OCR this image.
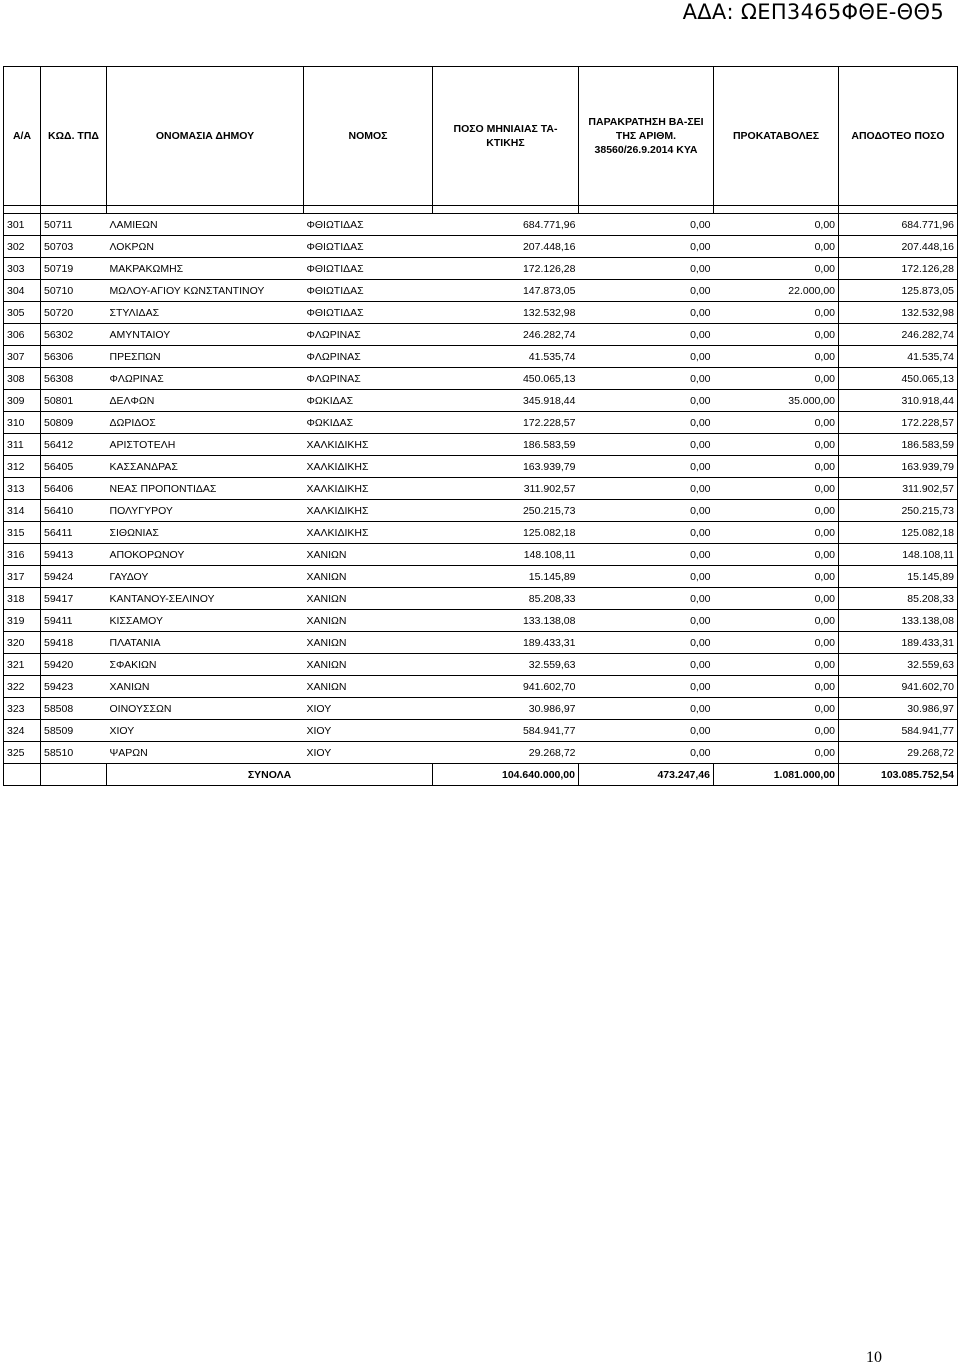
ΑΔΑ: ΩΕΠ3465ΦΘΕ-ΘΘ5
Α/Α	ΚΩΔ. ΤΠΔ	ΟΝΟΜΑΣΙΑ ΔΗΜΟΥ	ΝΟΜΟΣ	ΠΟΣΟ ΜΗΝΙΑΙΑΣ ΤΑ-ΚΤΙΚΗΣ	ΠΑΡΑΚΡΑΤΗΣΗ ΒΑ-ΣΕΙ ΤΗΣ ΑΡΙΘΜ. 38560/26.9.2014 ΚΥΑ	ΠΡΟΚΑΤΑΒΟΛΕΣ	ΑΠΟΔΟΤΕΟ ΠΟΣΟ

301	50711	ΛΑΜΙΕΩΝ	ΦΘΙΩΤΙΔΑΣ	684.771,96	0,00	0,00	684.771,96
302	50703	ΛΟΚΡΩΝ	ΦΘΙΩΤΙΔΑΣ	207.448,16	0,00	0,00	207.448,16
303	50719	ΜΑΚΡΑΚΩΜΗΣ	ΦΘΙΩΤΙΔΑΣ	172.126,28	0,00	0,00	172.126,28
304	50710	ΜΩΛΟΥ-ΑΓΙΟΥ ΚΩΝΣΤΑΝΤΙΝΟΥ	ΦΘΙΩΤΙΔΑΣ	147.873,05	0,00	22.000,00	125.873,05
305	50720	ΣΤΥΛΙΔΑΣ	ΦΘΙΩΤΙΔΑΣ	132.532,98	0,00	0,00	132.532,98
306	56302	ΑΜΥΝΤΑΙΟΥ	ΦΛΩΡΙΝΑΣ	246.282,74	0,00	0,00	246.282,74
307	56306	ΠΡΕΣΠΩΝ	ΦΛΩΡΙΝΑΣ	41.535,74	0,00	0,00	41.535,74
308	56308	ΦΛΩΡΙΝΑΣ	ΦΛΩΡΙΝΑΣ	450.065,13	0,00	0,00	450.065,13
309	50801	ΔΕΛΦΩΝ	ΦΩΚΙΔΑΣ	345.918,44	0,00	35.000,00	310.918,44
310	50809	ΔΩΡΙΔΟΣ	ΦΩΚΙΔΑΣ	172.228,57	0,00	0,00	172.228,57
311	56412	ΑΡΙΣΤΟΤΕΛΗ	ΧΑΛΚΙΔΙΚΗΣ	186.583,59	0,00	0,00	186.583,59
312	56405	ΚΑΣΣΑΝΔΡΑΣ	ΧΑΛΚΙΔΙΚΗΣ	163.939,79	0,00	0,00	163.939,79
313	56406	ΝΕΑΣ ΠΡΟΠΟΝΤΙΔΑΣ	ΧΑΛΚΙΔΙΚΗΣ	311.902,57	0,00	0,00	311.902,57
314	56410	ΠΟΛΥΓΥΡΟΥ	ΧΑΛΚΙΔΙΚΗΣ	250.215,73	0,00	0,00	250.215,73
315	56411	ΣΙΘΩΝΙΑΣ	ΧΑΛΚΙΔΙΚΗΣ	125.082,18	0,00	0,00	125.082,18
316	59413	ΑΠΟΚΟΡΩΝΟΥ	ΧΑΝΙΩΝ	148.108,11	0,00	0,00	148.108,11
317	59424	ΓΑΥΔΟΥ	ΧΑΝΙΩΝ	15.145,89	0,00	0,00	15.145,89
318	59417	ΚΑΝΤΑΝΟΥ-ΣΕΛΙΝΟΥ	ΧΑΝΙΩΝ	85.208,33	0,00	0,00	85.208,33
319	59411	ΚΙΣΣΑΜΟΥ	ΧΑΝΙΩΝ	133.138,08	0,00	0,00	133.138,08
320	59418	ΠΛΑΤΑΝΙΑ	ΧΑΝΙΩΝ	189.433,31	0,00	0,00	189.433,31
321	59420	ΣΦΑΚΙΩΝ	ΧΑΝΙΩΝ	32.559,63	0,00	0,00	32.559,63
322	59423	ΧΑΝΙΩΝ	ΧΑΝΙΩΝ	941.602,70	0,00	0,00	941.602,70
323	58508	ΟΙΝΟΥΣΣΩΝ	ΧΙΟΥ	30.986,97	0,00	0,00	30.986,97
324	58509	ΧΙΟΥ	ΧΙΟΥ	584.941,77	0,00	0,00	584.941,77
325	58510	ΨΑΡΩΝ	ΧΙΟΥ	29.268,72	0,00	0,00	29.268,72
		ΣΥΝΟΛΑ		104.640.000,00	473.247,46	1.081.000,00	103.085.752,54
10
